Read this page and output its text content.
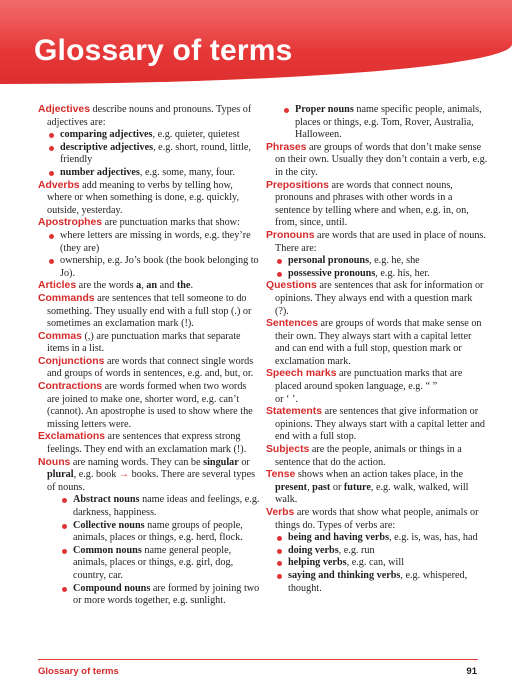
Glossary of terms
Adjectives describe nouns and pronouns. Types of adjectives are:
comparing adjectives, e.g. quieter, quietest
descriptive adjectives, e.g. short, round, little, friendly
number adjectives, e.g. some, many, four.
Adverbs add meaning to verbs by telling how, where or when something is done, e.g. quickly, outside, yesterday.
Apostrophes are punctuation marks that show:
where letters are missing in words, e.g. they’re (they are)
ownership, e.g. Jo’s book (the book belonging to Jo).
Articles are the words a, an and the.
Commands are sentences that tell someone to do something. They usually end with a full stop (.) or sometimes an exclamation mark (!).
Commas (,) are punctuation marks that separate items in a list.
Conjunctions are words that connect single words and groups of words in sentences, e.g. and, but, or.
Contractions are words formed when two words are joined to make one, shorter word, e.g. can’t (cannot). An apostrophe is used to show where the missing letters were.
Exclamations are sentences that express strong feelings. They end with an exclamation mark (!).
Nouns are naming words. They can be singular or plural, e.g. book → books. There are several types of nouns.
Abstract nouns name ideas and feelings, e.g. darkness, happiness.
Collective nouns name groups of people, animals, places or things, e.g. herd, flock.
Common nouns name general people, animals, places or things, e.g. girl, dog, country, car.
Compound nouns are formed by joining two or more words together, e.g. sunlight.
Proper nouns name specific people, animals, places or things, e.g. Tom, Rover, Australia, Halloween.
Phrases are groups of words that don’t make sense on their own. Usually they don’t contain a verb, e.g. in the city.
Prepositions are words that connect nouns, pronouns and phrases with other words in a sentence by telling where and when, e.g. in, on, from, since, until.
Pronouns are words that are used in place of nouns. There are:
personal pronouns, e.g. he, she
possessive pronouns, e.g. his, her.
Questions are sentences that ask for information or opinions. They always end with a question mark (?).
Sentences are groups of words that make sense on their own. They always start with a capital letter and can end with a full stop, question mark or exclamation mark.
Speech marks are punctuation marks that are placed around spoken language, e.g. “ ”
or ‘ ’.
Statements are sentences that give information or opinions. They always start with a capital letter and end with a full stop.
Subjects are the people, animals or things in a sentence that do the action.
Tense shows when an action takes place, in the present, past or future, e.g. walk, walked, will walk.
Verbs are words that show what people, animals or things do. Types of verbs are:
being and having verbs, e.g. is, was, has, had
doing verbs, e.g. run
helping verbs, e.g. can, will
saying and thinking verbs, e.g. whispered, thought.
Glossary of terms	91
